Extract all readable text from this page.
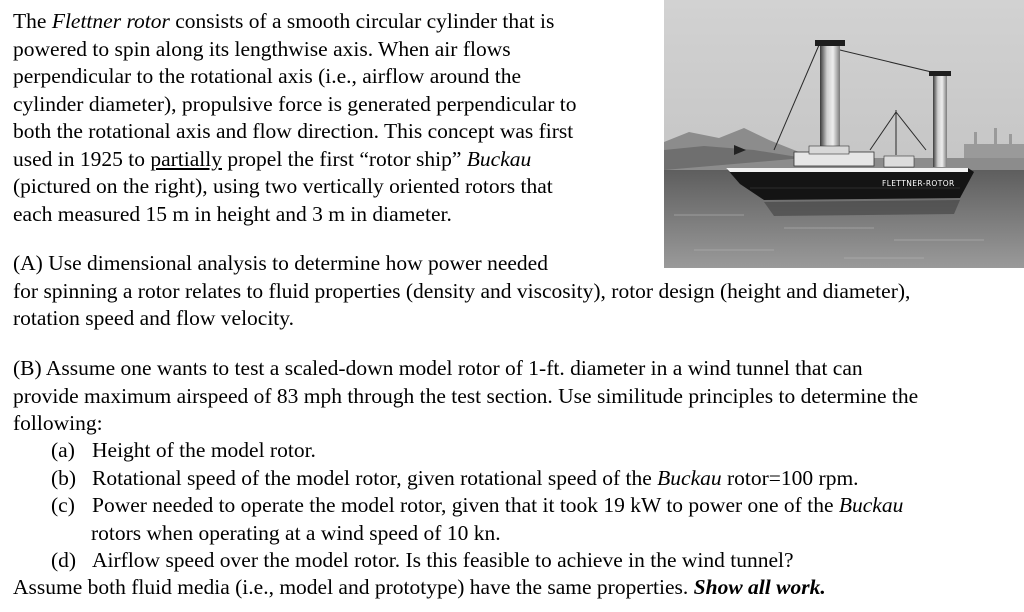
The Flettner rotor consists of a smooth circular cylinder that is
powered to spin along its lengthwise axis. When air flows
perpendicular to the rotational axis (i.e., airflow around the
cylinder diameter), propulsive force is generated perpendicular to
both the rotational axis and flow direction. This concept was first
used in 1925 to partially propel the first “rotor ship” Buckau
(pictured on the right), using two vertically oriented rotors that
each measured 15 m in height and 3 m in diameter.
FLETTNER-ROTOR
(A) Use dimensional analysis to determine how power needed
for spinning a rotor relates to fluid properties (density and viscosity), rotor design (height and diameter),
rotation speed and flow velocity.
(B) Assume one wants to test a scaled-down model rotor of 1-ft. diameter in a wind tunnel that can
provide maximum airspeed of 83 mph through the test section. Use similitude principles to determine the
following:
(a) Height of the model rotor.
(b) Rotational speed of the model rotor, given rotational speed of the Buckau rotor=100 rpm.
(c) Power needed to operate the model rotor, given that it took 19 kW to power one of the Buckau
rotors when operating at a wind speed of 10 kn.
(d) Airflow speed over the model rotor. Is this feasible to achieve in the wind tunnel?
Assume both fluid media (i.e., model and prototype) have the same properties. Show all work.
